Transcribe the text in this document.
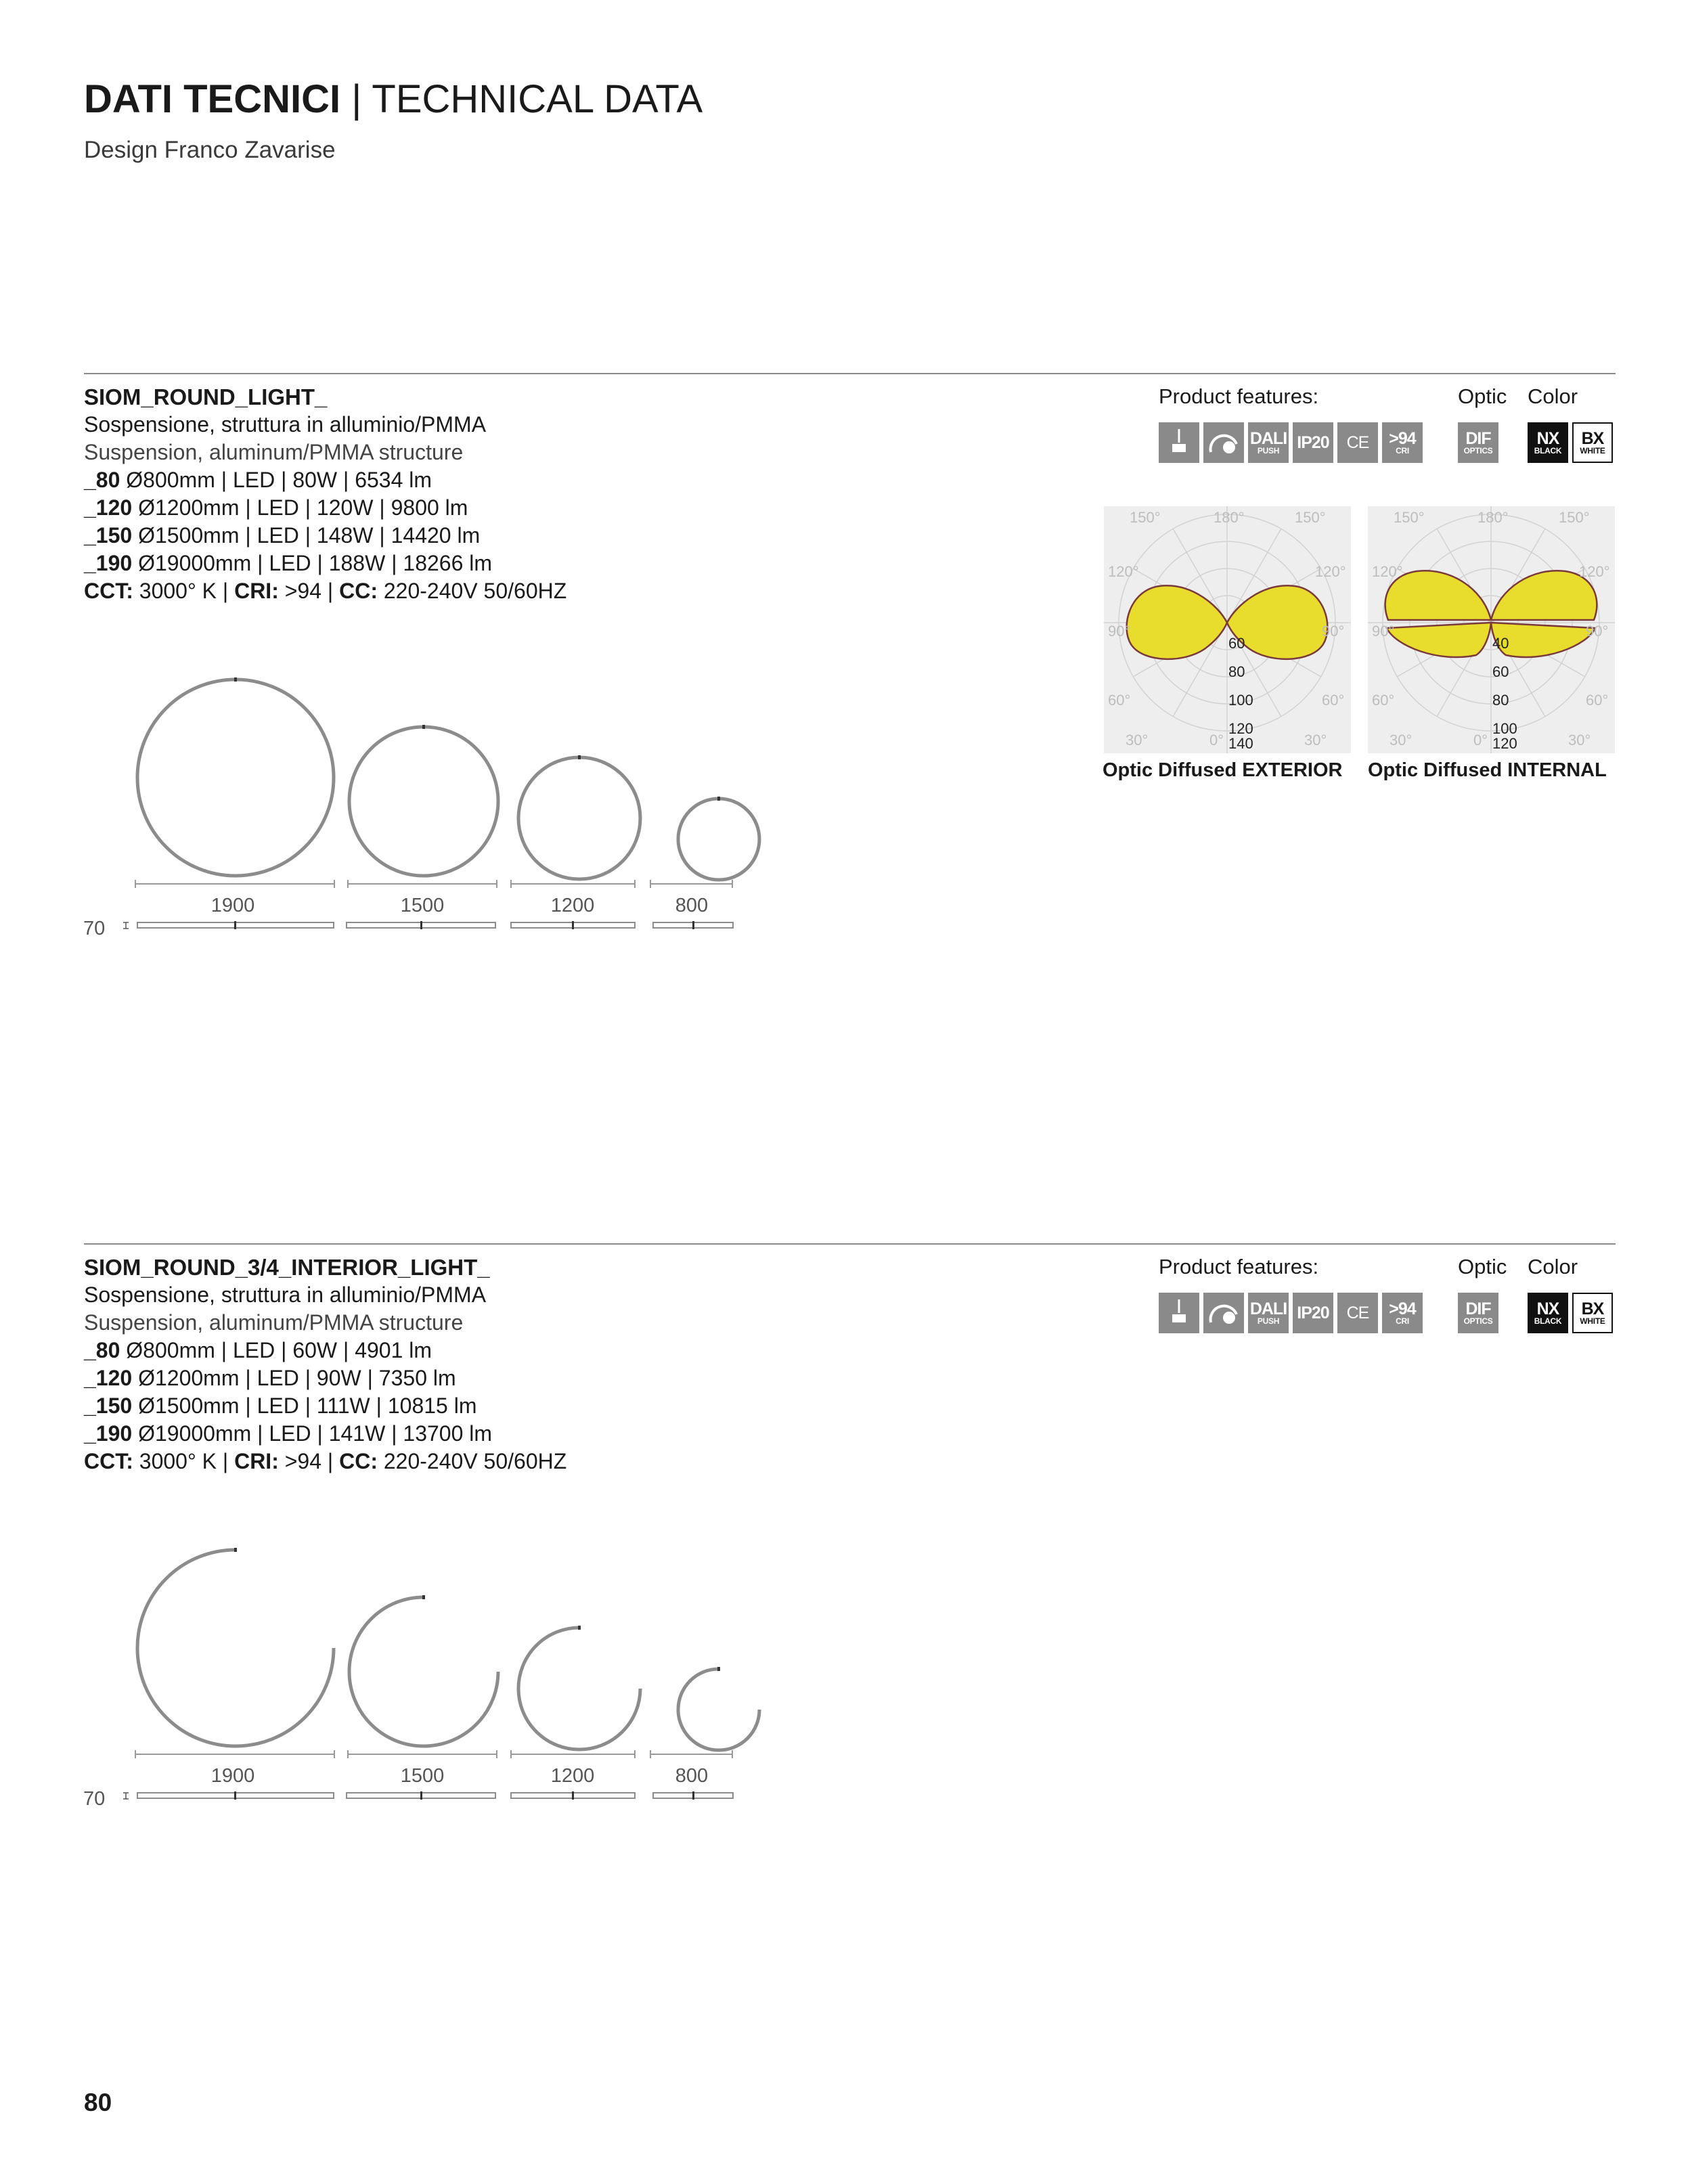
DATI TECNICI | TECHNICAL DATA
Design Franco Zavarise
SIOM_ROUND_LIGHT_
Sospensione, struttura in alluminio/PMMA
Suspension, aluminum/PMMA structure
_80 Ø800mm | LED | 80W | 6534 lm
_120 Ø1200mm | LED | 120W | 9800 lm
_150 Ø1500mm | LED | 148W | 14420 lm
_190 Ø19000mm | LED | 188W | 18266 lm
CCT: 3000° K | CRI: >94 | CC: 220-240V 50/60HZ
Product features:	Optic Color
DALI
PUSH IP20 CE >94
CRI
DIF
OPTICS
NX
BLACK
BX
WHITE
150°	180°	150°
120°	120°
90°	90°
60°	60°
30°	0°	30°
60
80
100
120
140
Optic Diffused EXTERIOR
150°	180°	150°
120°	120°
90°	90°
60°	60°
30°	0°	30°
40
60
80
100
120
Optic Diffused INTERNAL
1900	1500	1200	800
70
SIOM_ROUND_3/4_INTERIOR_LIGHT_
Sospensione, struttura in alluminio/PMMA
Suspension, aluminum/PMMA structure
_80 Ø800mm | LED | 60W | 4901 lm
_120 Ø1200mm | LED | 90W | 7350 lm
_150 Ø1500mm | LED | 111W | 10815 lm
_190 Ø19000mm | LED | 141W | 13700 lm
CCT: 3000° K | CRI: >94 | CC: 220-240V 50/60HZ
Product features:	Optic Color
DALI
PUSH IP20 CE >94
CRI
DIF
OPTICS
NX
BLACK
BX
WHITE
1900	1500	1200	800
70
80
